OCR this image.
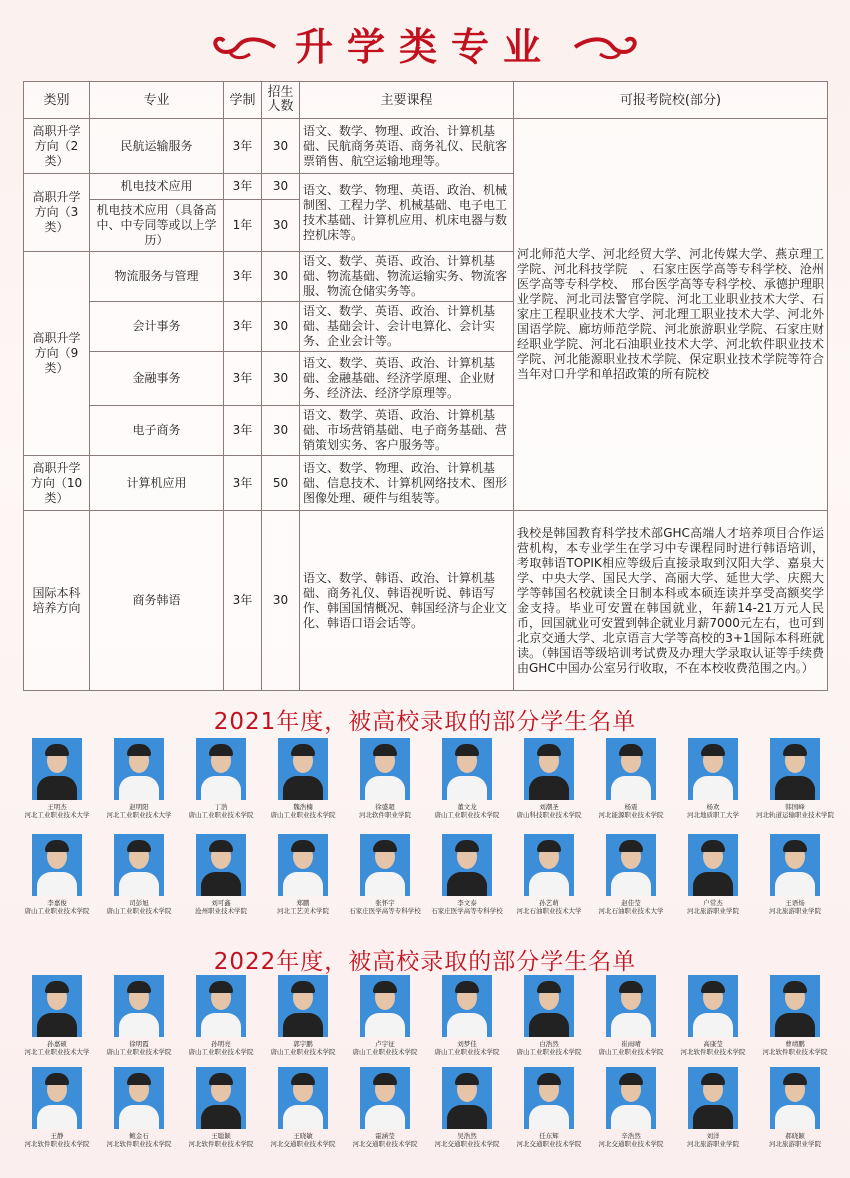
升学类专业
类别	专业	学制	招生人数	主要课程	可报考院校(部分)
高职升学方向（2类）	民航运输服务	3年	30	语文、数学、物理、政治、计算机基础、民航商务英语、商务礼仪、民航客票销售、航空运输地理等。	河北师范大学、河北经贸大学、河北传媒大学、燕京理工学院、河北科技学院　、石家庄医学高等专科学校、沧州医学高等专科学校、　邢台医学高等专科学校、承德护理职业学院、河北司法警官学院、河北工业职业技术大学、石家庄工程职业技术大学、河北理工职业技术大学、河北外国语学院、廊坊师范学院、河北旅游职业学院、石家庄财经职业学院、河北石油职业技术大学、河北软件职业技术学院、河北能源职业技术学院、保定职业技术学院等符合当年对口升学和单招政策的所有院校
高职升学方向（3类）	机电技术应用	3年	30	语文、数学、物理、英语、政治、机械制图、工程力学、机械基础、电子电工技术基础、计算机应用、机床电器与数控机床等。	
	机电技术应用（具备高中、中专同等或以上学历）	1年	30		
高职升学方向（9类）	物流服务与管理	3年	30	语文、数学、英语、政治、计算机基础、物流基础、物流运输实务、物流客服、物流仓储实务等。	
	会计事务	3年	30	语文、数学、英语、政治、计算机基础、基础会计、会计电算化、会计实务、企业会计等。	
	金融事务	3年	30	语文、数学、英语、政治、计算机基础、金融基础、经济学原理、企业财务、经济法、经济学原理等。	
	电子商务	3年	30	语文、数学、英语、政治、计算机基础、市场营销基础、电子商务基础、营销策划实务、客户服务等。	
高职升学方向（10类）	计算机应用	3年	50	语文、数学、物理、政治、计算机基础、信息技术、计算机网络技术、图形图像处理、硬件与组装等。	
国际本科培养方向	商务韩语	3年	30	语文、数学、韩语、政治、计算机基础、商务礼仪、韩语视听说、韩语写作、韩国国情概况、韩国经济与企业文化、韩语口语会话等。	我校是韩国教育科学技术部GHC高端人才培养项目合作运营机构，本专业学生在学习中专课程同时进行韩语培训，考取韩语TOPIK相应等级后直接录取到汉阳大学、嘉泉大学、中央大学、国民大学、高丽大学、延世大学、庆熙大学等韩国名校就读全日制本科或本硕连读并享受高额奖学金支持。毕业可安置在韩国就业，年薪14-21万元人民币，回国就业可安置到韩企就业月薪7000元左右，也可到北京交通大学、北京语言大学等高校的3+1国际本科班就读。（韩国语等级培训考试费及办理大学录取认证等手续费由GHC中国办公室另行收取，不在本校收费范围之内。）
2021年度，被高校录取的部分学生名单
王明杰
河北工业职业技术大学
赵明阳
河北工业职业技术大学
丁浩
唐山工业职业技术学院
魏浩楠
唐山工业职业技术学院
徐盛超
河北软件职业学院
董文龙
唐山工业职业技术学院
刘潮圣
唐山科技职业技术学院
杨震
河北能源职业技术学院
杨欢
河北地质职工大学
韩国峰
河北轨道运输职业技术学院
李嘉俊
唐山工业职业技术学院
司彭旭
唐山工业职业技术学院
刘可鑫
沧州职业技术学院
郑鹏
河北工艺美术学院
张怀宇
石家庄医学高等专科学校
李文泰
石家庄医学高等专科学校
孙艺萌
河北石油职业技术大学
赵佳莹
河北石油职业技术大学
户常杰
河北旅游职业学院
王语炀
河北旅游职业学院
2022年度，被高校录取的部分学生名单
孙嘉硕
河北工业职业技术大学
徐明霞
唐山工业职业技术学院
孙明亮
唐山工业职业技术学院
郭宇鹏
唐山工业职业技术学院
卢宇征
唐山工业职业技术学院
刘梦佳
唐山工业职业技术学院
白浩然
唐山工业职业技术学院
崔雨晴
唐山工业职业技术学院
高康莹
河北软件职业技术学院
曹靖鹏
河北软件职业技术学院
王静
河北软件职业技术学院
鲍金石
河北软件职业技术学院
王聪颖
河北软件职业技术学院
王晓敏
河北交通职业技术学院
霍涵莹
河北交通职业技术学院
吴浩然
河北交通职业技术学院
任东辉
河北交通职业技术学院
辛浩然
河北交通职业技术学院
刘洋
河北旅游职业学院
郝晓颖
河北旅游职业学院
